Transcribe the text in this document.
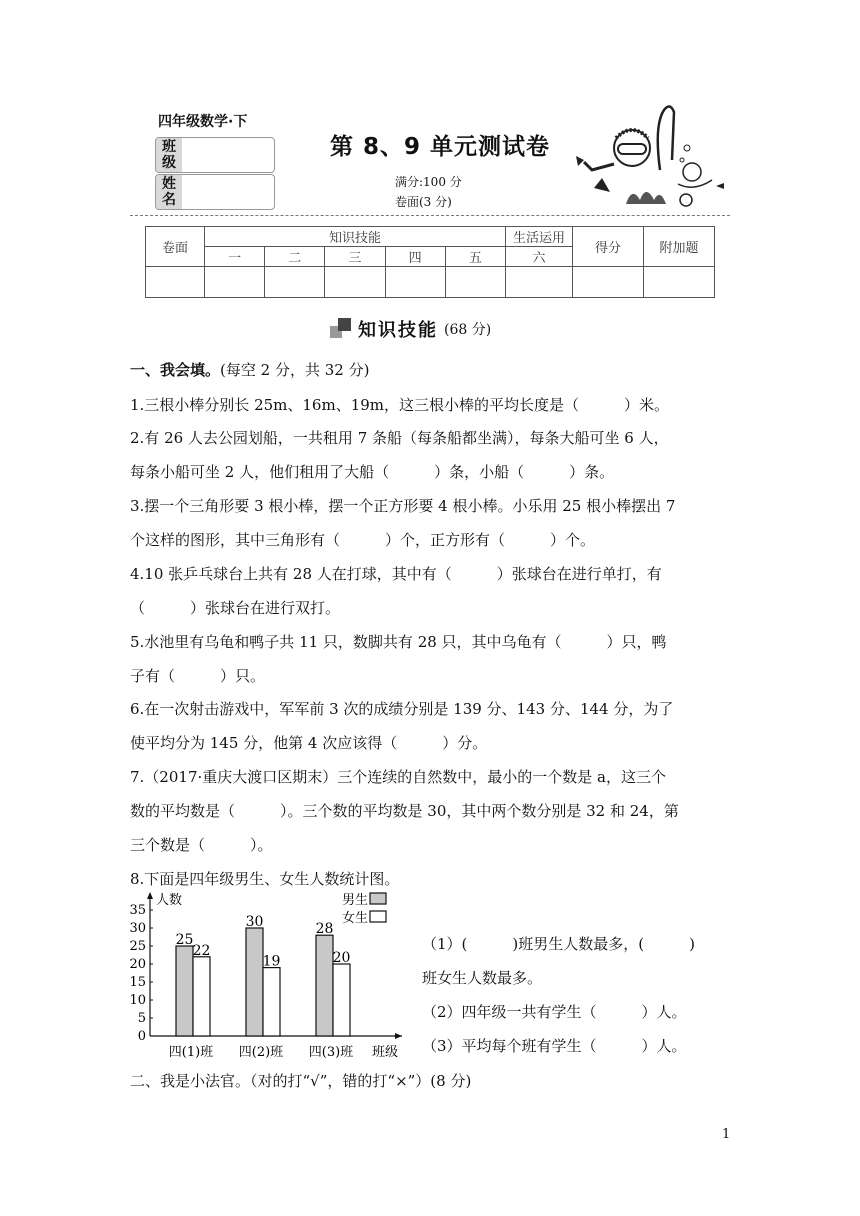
四年级数学·下
班级
姓名
第 8、9 单元测试卷
满分:100 分
卷面(3 分)
卷面	知识技能					生活运用	得分	附加题
	一	二	三	四	五	六		

知识技能 (68 分)
一、我会填。(每空 2 分，共 32 分)
1.三根小棒分别长 25m、16m、19m，这三根小棒的平均长度是（　　　）米。
2.有 26 人去公园划船，一共租用 7 条船（每条船都坐满），每条大船可坐 6 人，
每条小船可坐 2 人，他们租用了大船（　　　）条，小船（　　　）条。
3.摆一个三角形要 3 根小棒，摆一个正方形要 4 根小棒。小乐用 25 根小棒摆出 7
个这样的图形，其中三角形有（　　　）个，正方形有（　　　）个。
4.10 张乒乓球台上共有 28 人在打球，其中有（　　　）张球台在进行单打，有
（　　　）张球台在进行双打。
5.水池里有乌龟和鸭子共 11 只，数脚共有 28 只，其中乌龟有（　　　）只，鸭
子有（　　　）只。
6.在一次射击游戏中，军军前 3 次的成绩分别是 139 分、143 分、144 分，为了
使平均分为 145 分，他第 4 次应该得（　　　）分。
7.（2017·重庆大渡口区期末）三个连续的自然数中，最小的一个数是 a，这三个
数的平均数是（　　　）。三个数的平均数是 30，其中两个数分别是 32 和 24，第
三个数是（　　　）。
8.下面是四年级男生、女生人数统计图。
0
5
10
15
20
25
30
35
人数
班级
25
22
四(1)班
30
19
四(2)班
28
20
四(3)班
男生
女生
（1）(　　　)班男生人数最多，(　　　)
班女生人数最多。
（2）四年级一共有学生（　　　）人。
（3）平均每个班有学生（　　　）人。
二、我是小法官。（对的打“√”，错的打“×”）(8 分)
1
